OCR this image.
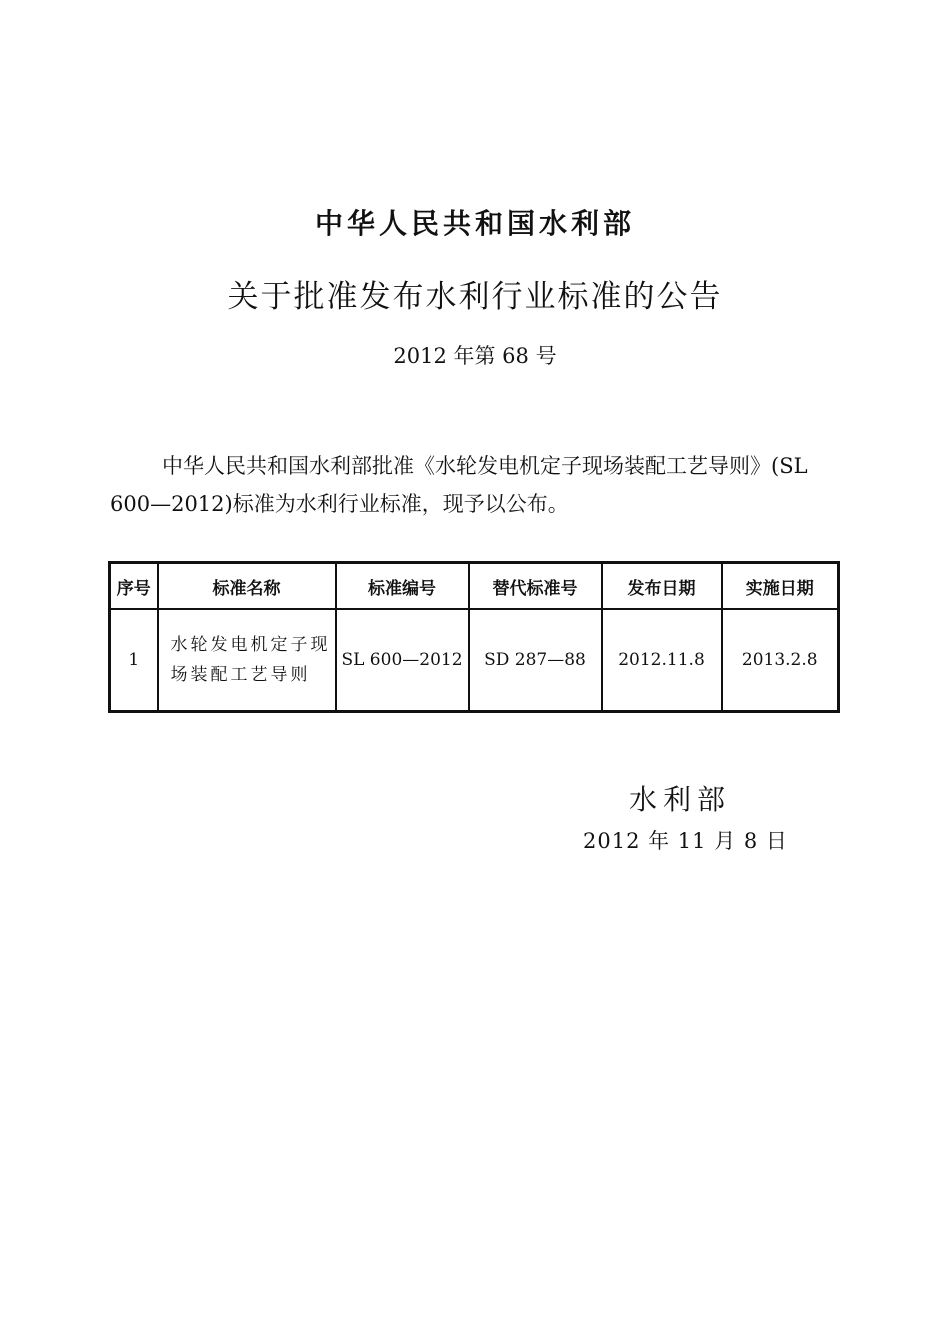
中华人民共和国水利部
关于批准发布水利行业标准的公告
2012 年第 68 号

中华人民共和国水利部批准《水轮发电机定子现场装配工艺导则》(SL 600—2012)标准为水利行业标准，现予以公布。

序号	标准名称	标准编号	替代标准号	发布日期	实施日期
1	水轮发电机定子现场装配工艺导则	SL 600—2012	SD 287—88	2012.11.8	2013.2.8
水利部
2012 年 11 月 8 日
